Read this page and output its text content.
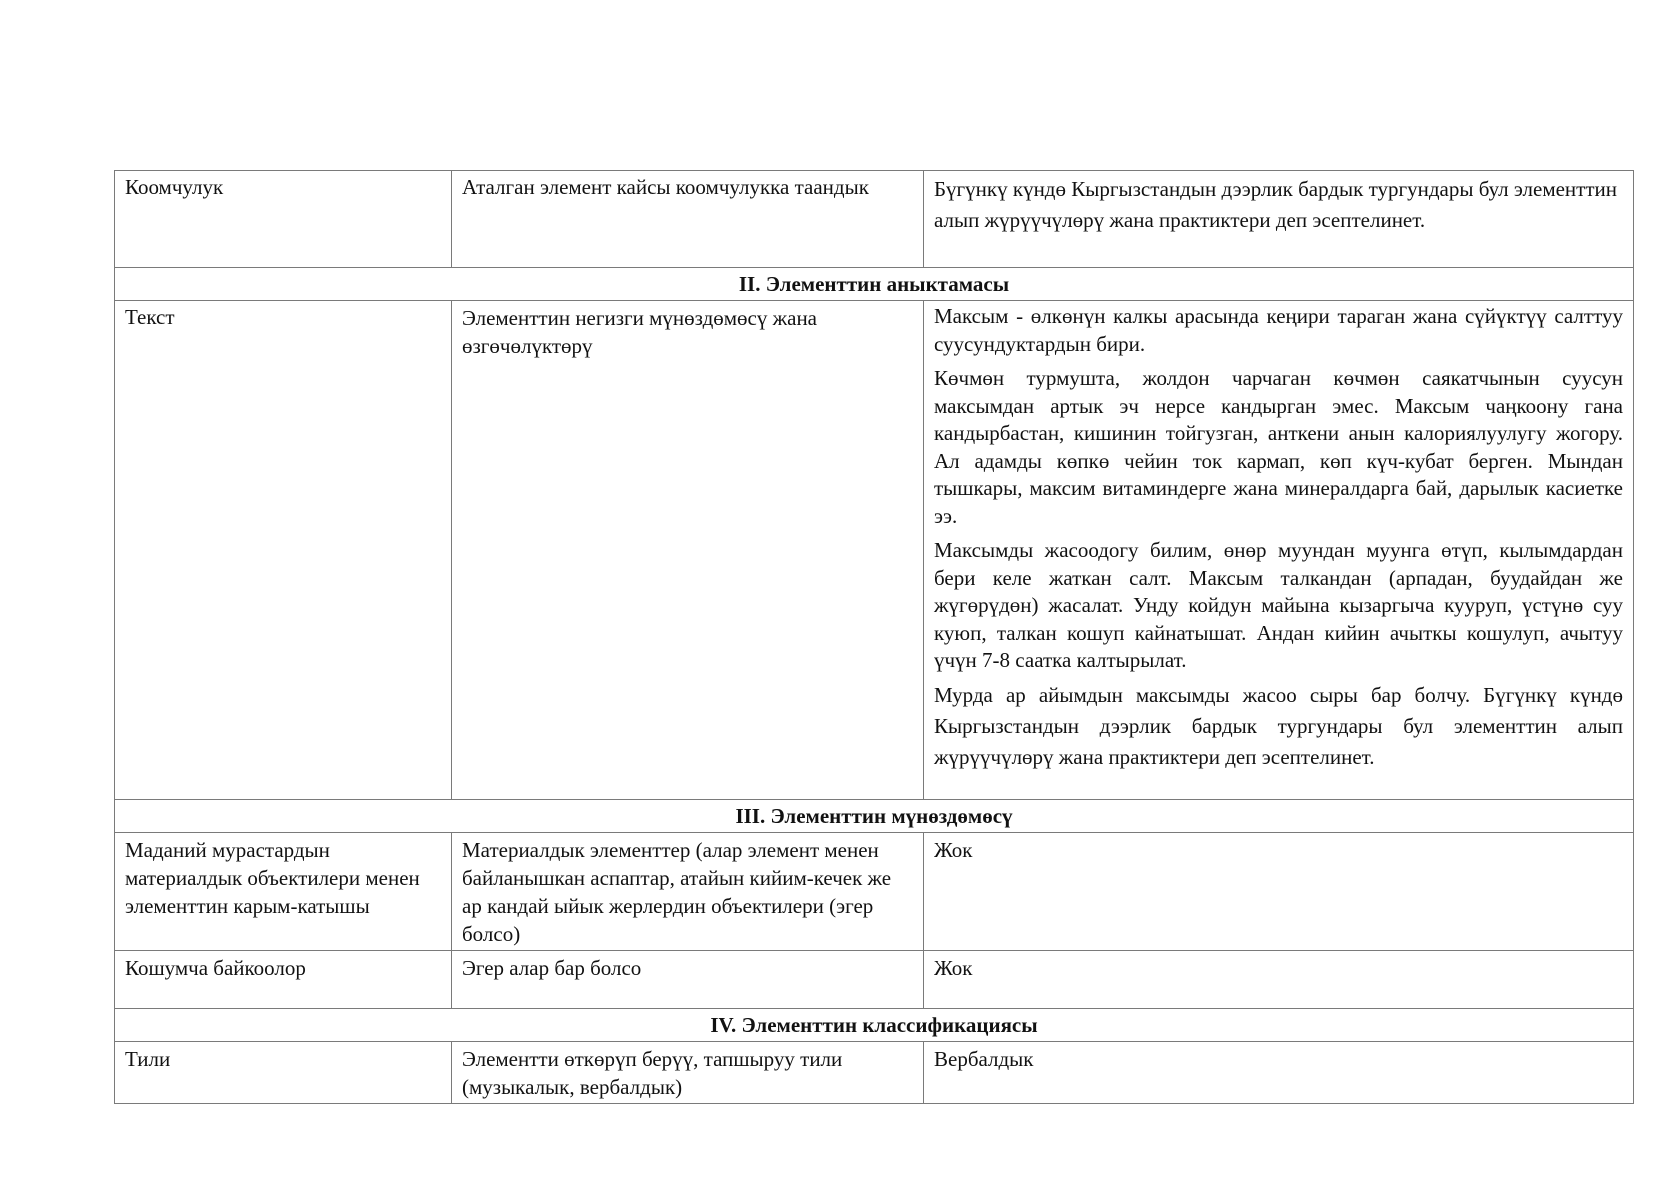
Коомчулук	Аталган элемент кайсы коомчулукка таандык	Бүгүнкү күндө Кыргызстандын дээрлик бардык тургундары бул элементтин алып жүрүүчүлөрү жана практиктери деп эсептелинет.
II. Элементтин аныктамасы		
Текст	Элементтин негизги мүнөздөмөсү жана өзгөчөлүктөрү	Максым - өлкөнүн калкы арасында кеңири тараган жана сүйүктүү салттуу суусундуктардын бири.

Көчмөн турмушта, жолдон чарчаган көчмөн саякатчынын суусун максымдан артык эч нерсе кандырган эмес. Максым чаңкоону гана кандырбастан, кишинин тойгузган, анткени анын калориялуулугу жогору. Ал адамды көпкө чейин ток кармап, көп күч-кубат берген. Мындан тышкары, максим витаминдерге жана минералдарга бай, дарылык касиетке ээ.

Максымды жасоодогу билим, өнөр муундан муунга өтүп, кылымдардан бери келе жаткан салт. Максым талкандан (арпадан, буудайдан же жүгөрүдөн) жасалат. Унду койдун майына кызаргыча кууруп, үстүнө суу куюп, талкан кошуп кайнатышат. Андан кийин ачыткы кошулуп, ачытуу үчүн 7-8 саатка калтырылат.

Мурда ар айымдын максымды жасоо сыры бар болчу. Бүгүнкү күндө Кыргызстандын дээрлик бардык тургундары бул элементтин алып жүрүүчүлөрү жана практиктери деп эсептелинет.

III. Элементтин мүнөздөмөсү		
Маданий мурастардын материалдык объектилери менен элементтин карым-катышы	Материалдык элементтер (алар элемент менен байланышкан аспаптар, атайын кийим-кечек же ар кандай ыйык жерлердин объектилери (эгер болсо)	Жок
Кошумча байкоолор	Эгер алар бар болсо	Жок
IV. Элементтин классификациясы		
Тили	Элементти өткөрүп берүү, тапшыруу тили (музыкалык, вербалдык)	Вербалдык
